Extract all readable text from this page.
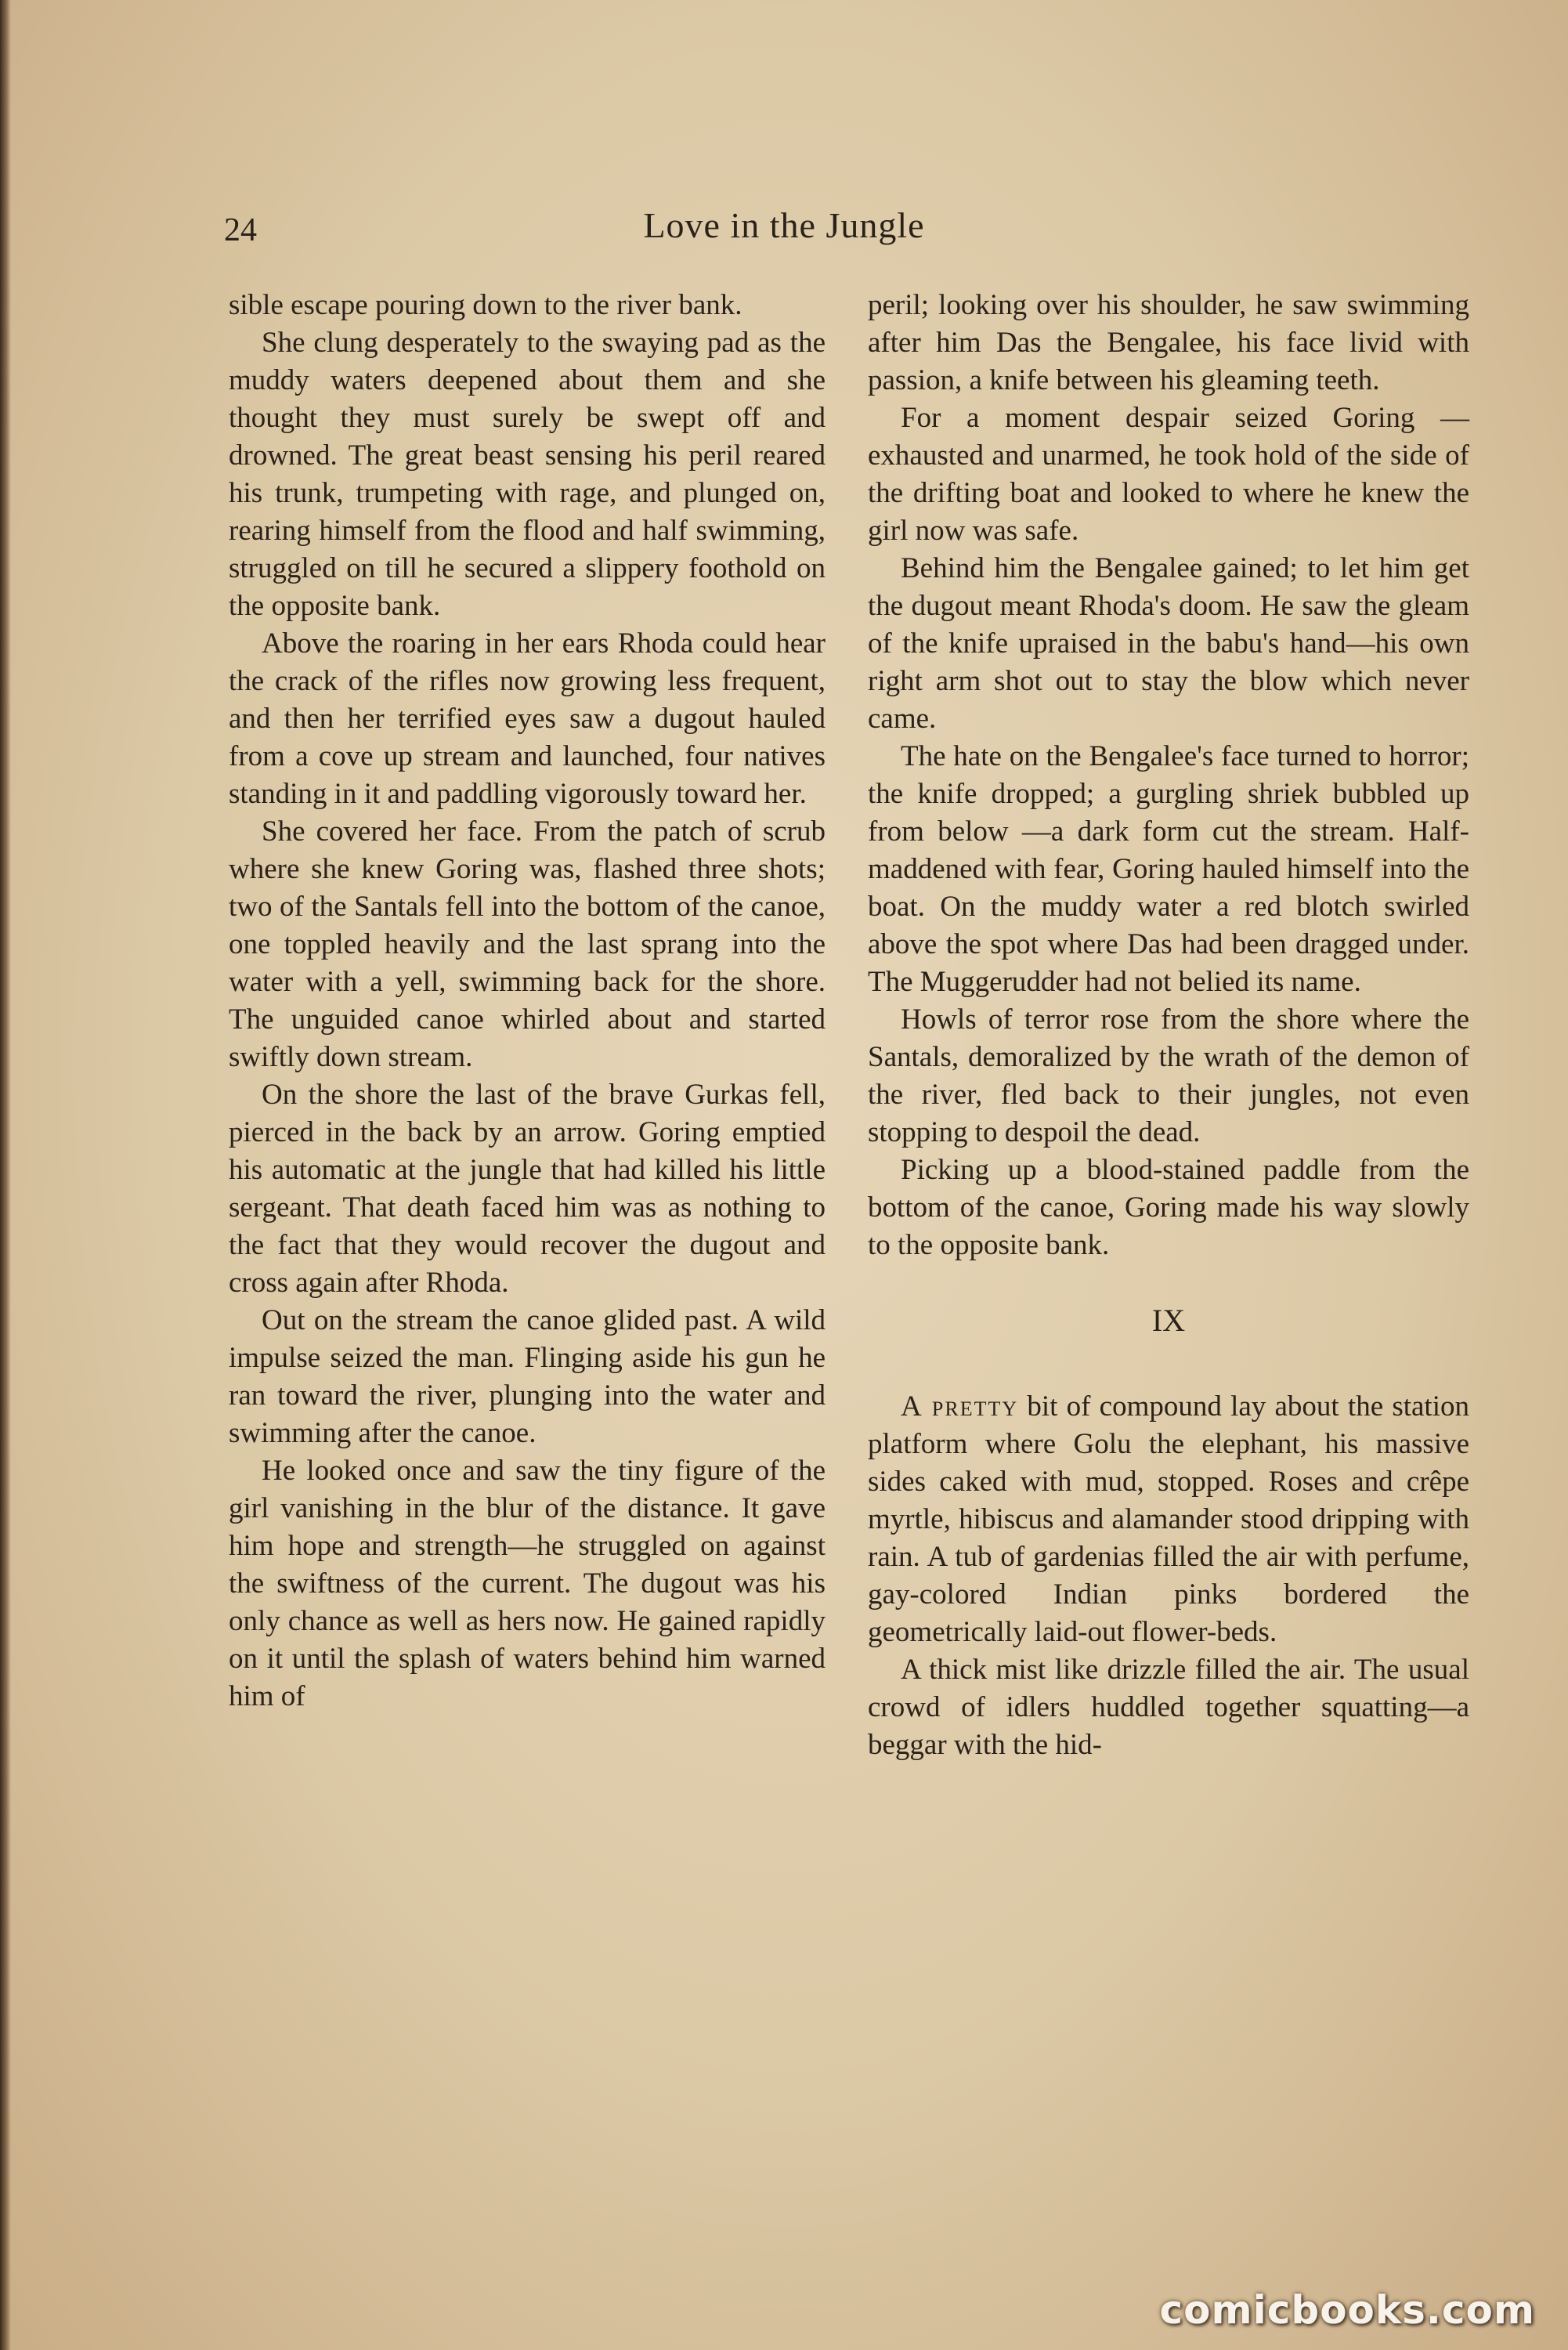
24	Love in the Jungle

sible escape pouring down to the river bank.

She clung desperately to the swaying pad as the muddy waters deepened about them and she thought they must surely be swept off and drowned. The great beast sensing his peril reared his trunk, trumpeting with rage, and plunged on, rearing himself from the flood and half swimming, struggled on till he secured a slippery foothold on the opposite bank.

Above the roaring in her ears Rhoda could hear the crack of the rifles now growing less frequent, and then her terrified eyes saw a dugout hauled from a cove up stream and launched, four natives standing in it and paddling vigorously toward her.

She covered her face. From the patch of scrub where she knew Goring was, flashed three shots; two of the Santals fell into the bottom of the canoe, one toppled heavily and the last sprang into the water with a yell, swimming back for the shore. The unguided canoe whirled about and started swiftly down stream.

On the shore the last of the brave Gurkas fell, pierced in the back by an arrow. Goring emptied his automatic at the jungle that had killed his little sergeant. That death faced him was as nothing to the fact that they would recover the dugout and cross again after Rhoda.

Out on the stream the canoe glided past. A wild impulse seized the man. Flinging aside his gun he ran toward the river, plunging into the water and swimming after the canoe.

He looked once and saw the tiny figure of the girl vanishing in the blur of the distance. It gave him hope and strength—he struggled on against the swiftness of the current. The dugout was his only chance as well as hers now. He gained rapidly on it until the splash of waters behind him warned him of

peril; looking over his shoulder, he saw swimming after him Das the Bengalee, his face livid with passion, a knife between his gleaming teeth.

For a moment despair seized Goring —exhausted and unarmed, he took hold of the side of the drifting boat and looked to where he knew the girl now was safe.

Behind him the Bengalee gained; to let him get the dugout meant Rhoda's doom. He saw the gleam of the knife upraised in the babu's hand—his own right arm shot out to stay the blow which never came.

The hate on the Bengalee's face turned to horror; the knife dropped; a gurgling shriek bubbled up from below —a dark form cut the stream. Half-maddened with fear, Goring hauled himself into the boat. On the muddy water a red blotch swirled above the spot where Das had been dragged under. The Muggerudder had not belied its name.

Howls of terror rose from the shore where the Santals, demoralized by the wrath of the demon of the river, fled back to their jungles, not even stopping to despoil the dead.

Picking up a blood-stained paddle from the bottom of the canoe, Goring made his way slowly to the opposite bank.

IX

A pretty bit of compound lay about the station platform where Golu the elephant, his massive sides caked with mud, stopped. Roses and crêpe myrtle, hibiscus and alamander stood dripping with rain. A tub of gardenias filled the air with perfume, gay-colored Indian pinks bordered the geometrically laid-out flower-beds.

A thick mist like drizzle filled the air. The usual crowd of idlers huddled together squatting—a beggar with the hid-

comicbooks.com
